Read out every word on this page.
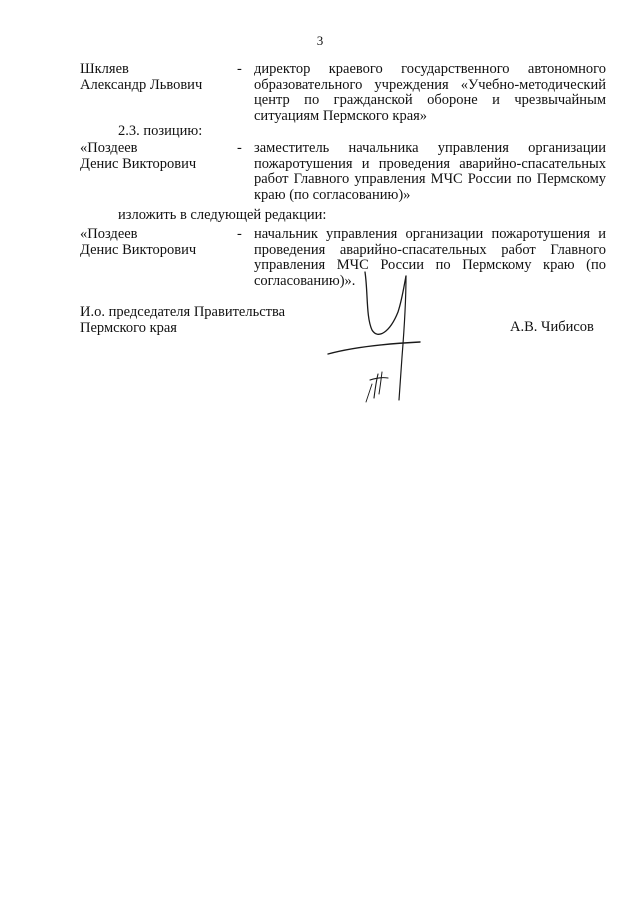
3
Шкляев
Александр Львович
- директор краевого государственного автономного образовательного учреждения «Учебно-методический центр по гражданской обороне и чрезвычайным ситуациям Пермского края»
2.3. позицию:
«Поздеев
Денис Викторович
- заместитель начальника управления организации пожаротушения и проведения аварийно-спасательных работ Главного управления МЧС России по Пермскому краю (по согласованию)»
изложить в следующей редакции:
«Поздеев
Денис Викторович
- начальник управления организации пожаротушения и проведения аварийно-спасательных работ Главного управления МЧС России по Пермскому краю (по согласованию)».
И.о. председателя Правительства
Пермского края	А.В. Чибисов
